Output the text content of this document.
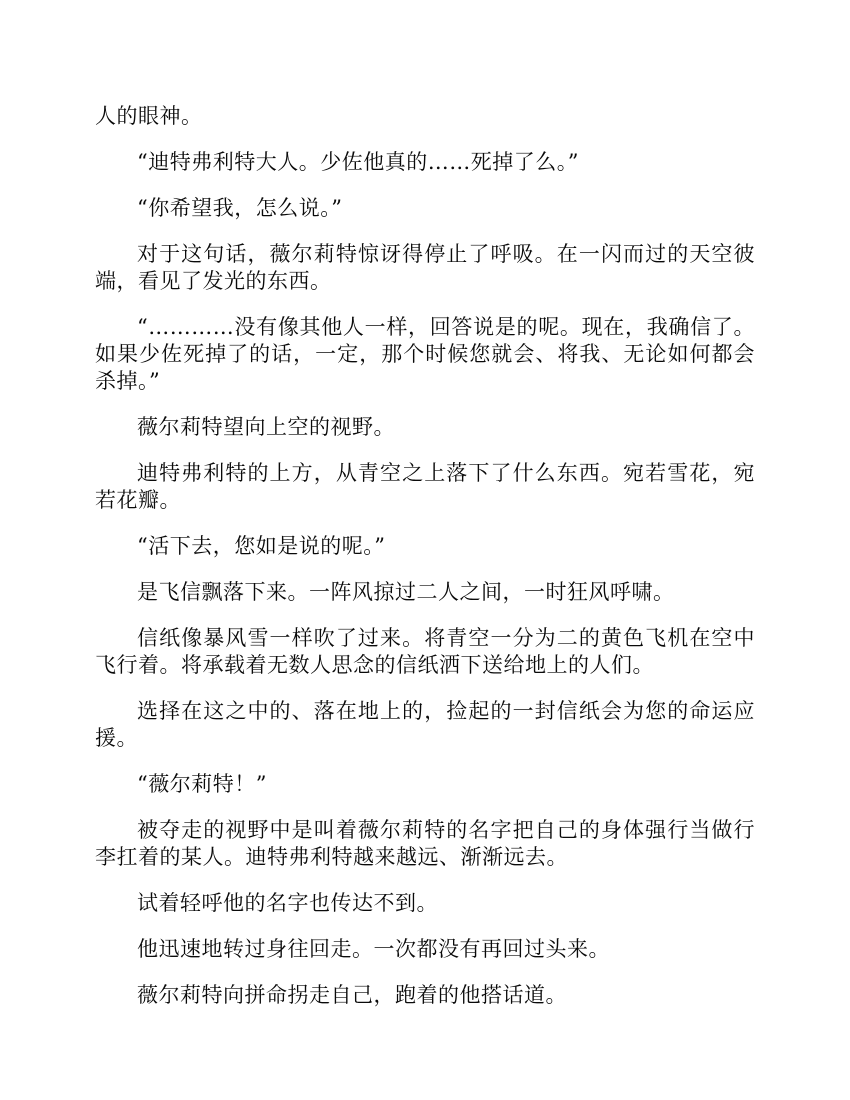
人的眼神。

“迪特弗利特大人。少佐他真的……死掉了么。”

“你希望我，怎么说。”

对于这句话，薇尔莉特惊讶得停止了呼吸。在一闪而过的天空彼端，看见了发光的东西。

“…………没有像其他人一样，回答说是的呢。现在，我确信了。如果少佐死掉了的话，一定，那个时候您就会、将我、无论如何都会杀掉。”

薇尔莉特望向上空的视野。

迪特弗利特的上方，从青空之上落下了什么东西。宛若雪花，宛若花瓣。

“活下去，您如是说的呢。”

是飞信飘落下来。一阵风掠过二人之间，一时狂风呼啸。

信纸像暴风雪一样吹了过来。将青空一分为二的黄色飞机在空中飞行着。将承载着无数人思念的信纸洒下送给地上的人们。

选择在这之中的、落在地上的，捡起的一封信纸会为您的命运应援。

“薇尔莉特！”

被夺走的视野中是叫着薇尔莉特的名字把自己的身体强行当做行李扛着的某人。迪特弗利特越来越远、渐渐远去。

试着轻呼他的名字也传达不到。

他迅速地转过身往回走。一次都没有再回过头来。

薇尔莉特向拼命拐走自己，跑着的他搭话道。
